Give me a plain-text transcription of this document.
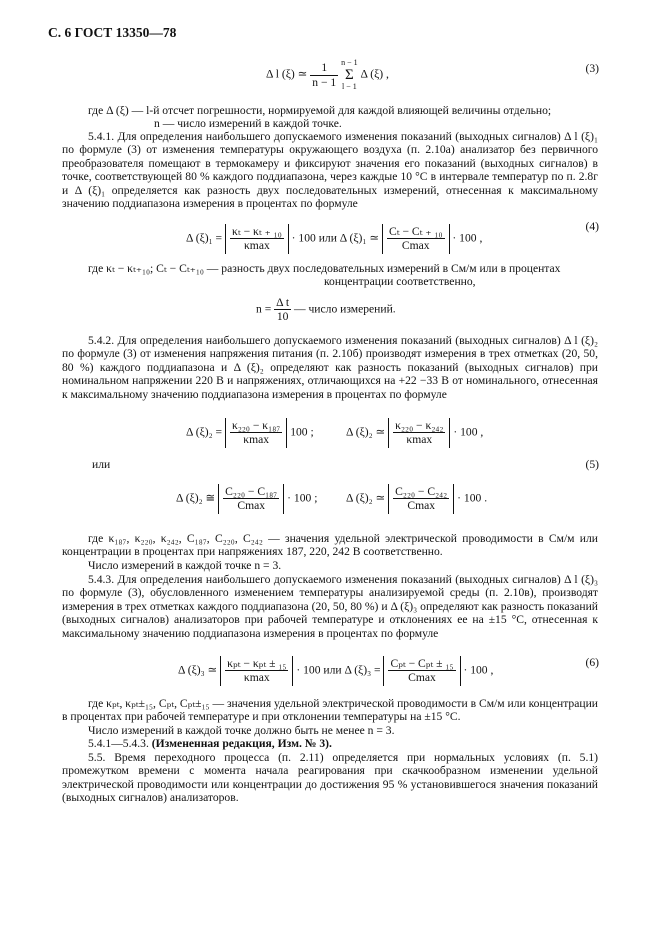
С. 6 ГОСТ 13350—78
Δ l (ξ) ≃ $\frac{1}{n - 1}$
n − 1
Σ
l − 1
Δ (ξ) ,	(3)
где Δ (ξ) — l-й отсчет погрешности, нормируемой для каждой влияющей величины отдельно;
n — число измерений в каждой точке.
5.4.1. Для определения наибольшего допускаемого изменения показаний (выходных сигналов) Δ l (ξ)₁ по формуле (3) от изменения температуры окружающего воздуха (п. 2.10а) анализатор без первичного преобразователя помещают в термокамеру и фиксируют значения его показаний (выходных сигналов) в точке, соответствующей 80 % каждого поддиапазона, через каждые 10 °С в интервале температур по п. 2.8г и Δ (ξ)₁ определяется как разность двух последовательных измерений, отнесенная к максимальному значению поддиапазона измерения в процентах по формуле
Δ (ξ)₁ =
κₜ − κₜ ₊ ₁₀
κmax
· 100 или Δ (ξ)₁ ≃
Cₜ − Cₜ ₊ ₁₀
Cmax
· 100 ,
(4)
где κₜ − κₜ₊₁₀; Cₜ − Cₜ₊₁₀ — разность двух последовательных измерений в См/м или в процентах
концентрации соответственно,
$n = \frac{\text{Δ t}}{10}$ — число измерений.
5.4.2. Для определения наибольшего допускаемого изменения показаний (выходных сигналов) Δ l (ξ)₂ по формуле (3) от изменения напряжения питания (п. 2.10б) производят измерения в трех отметках (20, 50, 80 %) каждого поддиапазона и Δ (ξ)₂ определяют как разность показаний (выходных сигналов) при номинальном напряжении 220 В и напряжениях, отличающихся на +22 −33 В от номинального, отнесенная к максимальному значению поддиапазона измерения в процентах по формуле
Δ (ξ)₂ =
κ₂₂₀ − κ₁₈₇
κmax
100 ;	Δ (ξ)₂ ≃
κ₂₂₀ − κ₂₄₂
κmax
· 100 ,
или	(5)
Δ (ξ)₂ ≅
C₂₂₀ − C₁₈₇
Cmax
· 100 ; Δ (ξ)₂ ≃
C₂₂₀ − C₂₄₂
Cmax
· 100 .
где κ₁₈₇, κ₂₂₀, κ₂₄₂, C₁₈₇, C₂₂₀, C₂₄₂ — значения удельной электрической проводимости в См/м или концентрации в процентах при напряжениях 187, 220, 242 В соответственно.
Число измерений в каждой точке n = 3.
5.4.3. Для определения наибольшего допускаемого изменения показаний (выходных сигналов) Δ l (ξ)₃ по формуле (3), обусловленного изменением температуры анализируемой среды (п. 2.10в), производят измерения в трех отметках каждого поддиапазона (20, 50, 80 %) и Δ (ξ)₃ определяют как разность показаний (выходных сигналов) анализаторов при рабочей температуре и отклонениях ее на ±15 °С, отнесенная к максимальному значению поддиапазона измерения в процентах по формуле
Δ (ξ)₃ ≃
κₚₜ − κₚₜ ± ₁₅
κmax
· 100 или Δ (ξ)₃ =
Cₚₜ − Cₚₜ ± ₁₅
Cmax
· 100 ,
(6)
где κₚₜ, κₚₜ±₁₅, Cₚₜ, Cₚₜ±₁₅ — значения удельной электрической проводимости в См/м или концентрации в процентах при рабочей температуре и при отклонении температуры на ±15 °С.
Число измерений в каждой точке должно быть не менее n = 3.
5.4.1—5.4.3. (Измененная редакция, Изм. № 3).
5.5. Время переходного процесса (п. 2.11) определяется при нормальных условиях (п. 5.1) промежутком времени с момента начала реагирования при скачкообразном изменении удельной электрической проводимости или концентрации до достижения 95 % установившегося значения показаний (выходных сигналов) анализаторов.
